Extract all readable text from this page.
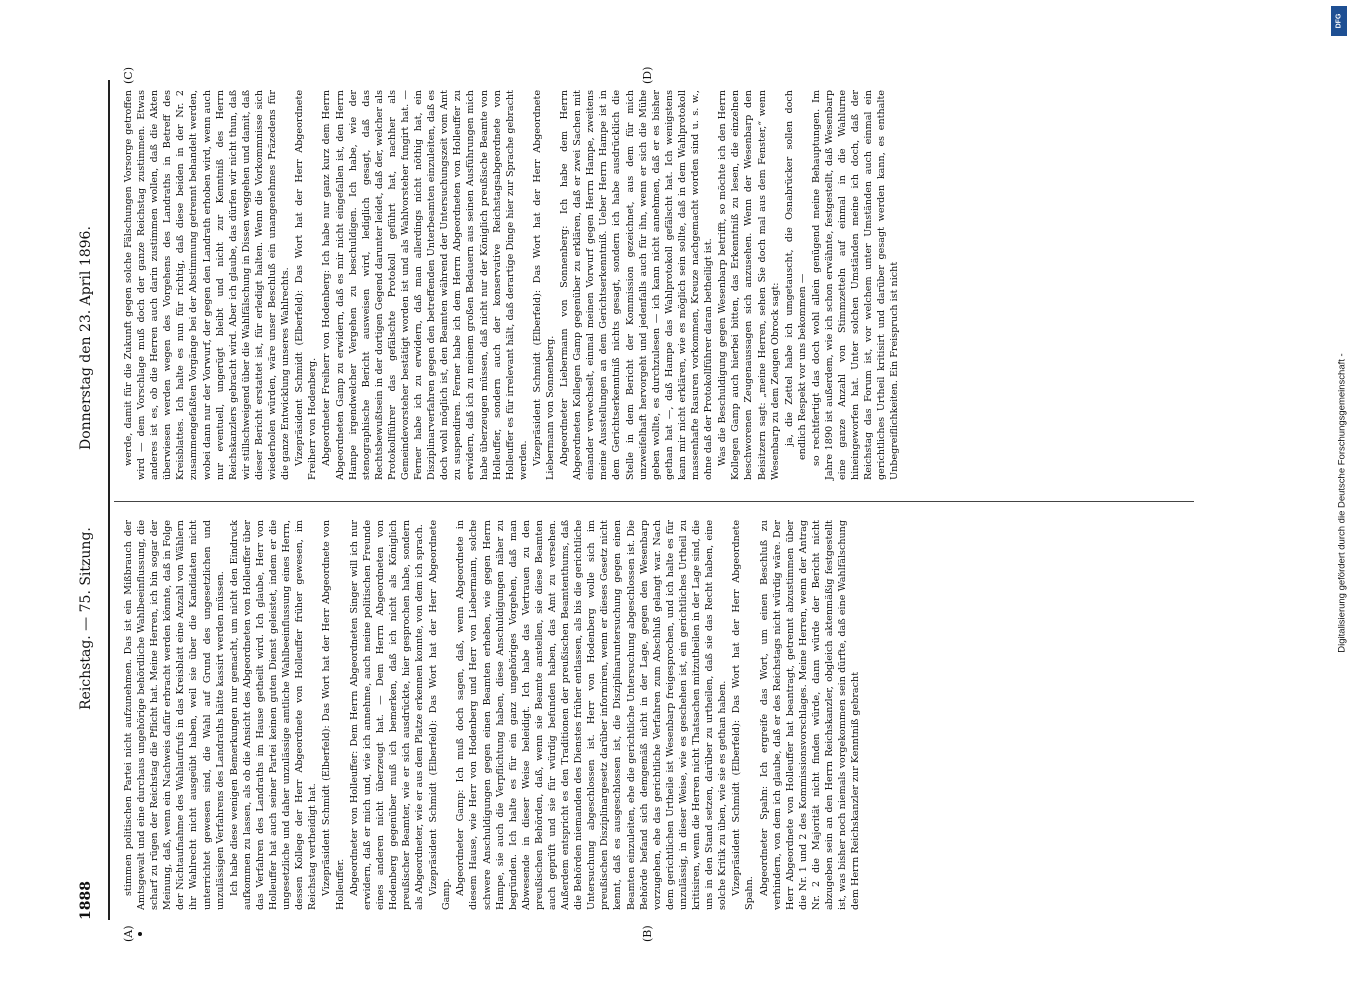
1888
Reichstag. — 75. Sitzung.
Donnerstag den 23. April 1896.
(A)	(B)
(C)	(D)

stimmen politischen Partei nicht aufzunehmen. Das ist ein Mißbrauch der Amtsgewalt und eine durchaus ungehörige behördliche Wahlbeeinflussung, die scharf zu rügen der Reichstag die Pflicht hat. Meine Herren, ich bin sogar der Meinung, daß, wenn ein Nachweis dafür erbracht werden könnte, daß in Folge der Nichtaufnahme des Wahlaufrufs in das Kreisblatt eine Anzahl von Wählern ihr Wahlrecht nicht ausgeübt haben, weil sie über die Kandidaten nicht unterrichtet gewesen sind, die Wahl auf Grund des ungesetzlichen und unzulässigen Verfahrens des Landraths hätte kassirt werden müssen. Ich habe diese wenigen Bemerkungen nur gemacht, um nicht den Eindruck aufkommen zu lassen, als ob die Ansicht des Abgeordneten von Holleuffer über das Verfahren des Landraths im Hause getheilt wird. Ich glaube, Herr von Holleuffer hat auch seiner Partei keinen guten Dienst geleistet, indem er die ungesetzliche und daher unzulässige amtliche Wahlbeeinflussung eines Herrn, dessen Kollege der Herr Abgeordnete von Holleuffer früher gewesen, im Reichstag vertheidigt hat. Vizepräsident Schmidt (Elberfeld): Das Wort hat der Herr Abgeordnete von Holleuffer. Abgeordneter von Holleuffer: Dem Herrn Abgeordneten Singer will ich nur erwidern, daß er mich und, wie ich annehme, auch meine politischen Freunde eines anderen nicht überzeugt hat. — Dem Herrn Abgeordneten von Hodenberg gegenüber muß ich bemerken, daß ich nicht als Königlich preußischer Beamter, wie er sich ausdrückte, hier gesprochen habe, sondern als Abgeordneter, wie er aus dem Platze erkennen konnte, von dem ich sprach. Vizepräsident Schmidt (Elberfeld): Das Wort hat der Herr Abgeordnete Gamp. Abgeordneter Gamp: Ich muß doch sagen, daß, wenn Abgeordnete in diesem Hause, wie Herr von Hodenberg und Herr von Liebermann, solche schwere Anschuldigungen gegen einen Beamten erheben, wie gegen Herrn Hampe, sie auch die Verpflichtung haben, diese Anschuldigungen näher zu begründen. Ich halte es für ein ganz ungehöriges Vorgehen, daß man Abwesende in dieser Weise beleidigt. Ich habe das Vertrauen zu den preußischen Behörden, daß, wenn sie Beamte anstellen, sie diese Beamten auch geprüft und sie für würdig befunden haben, das Amt zu versehen. Außerdem entspricht es den Traditionen der preußischen Beamtenthums, daß die Behörden niemanden des Dienstes früher entlassen, als bis die gerichtliche Untersuchung abgeschlossen ist. Herr von Hodenberg wolle sich im preußischen Disziplinargesetz darüber informiren, wenn er dieses Gesetz nicht kennt, daß es ausgeschlossen ist, die Disziplinaruntersuchung gegen einen Beamten einzuleiten, ehe die gerichtliche Untersuchung abgeschlossen ist. Die Behörde befand sich demgemäß nicht in der Lage, gegen den Wesenbarp vorzugehen, ehe das gerichtliche Verfahren zum Abschluß gelangt war. Nach dem gerichtlichen Urtheile ist Wesenbarp freigesprochen, und ich halte es für unzulässig, in dieser Weise, wie es geschehen ist, ein gerichtliches Urtheil zu kritisiren, wenn die Herren nicht Thatsachen mitzutheilen in der Lage sind, die uns in den Stand setzen, darüber zu urtheilen, daß sie das Recht haben, eine solche Kritik zu üben, wie sie es gethan haben. Vizepräsident Schmidt (Elberfeld): Das Wort hat der Herr Abgeordnete Spahn. Abgeordneter Spahn: Ich ergreife das Wort, um einen Beschluß zu verhindern, von dem ich glaube, daß er des Reichstags nicht würdig wäre. Der Herr Abgeordnete von Holleuffer hat beantragt, getrennt abzustimmen über die Nr. 1 und 2 des Kommissionsvorschlages. Meine Herren, wenn der Antrag Nr. 2 die Majorität nicht finden würde, dann würde der Bericht nicht abzugeben sein an den Herrn Reichskanzler, obgleich aktenmäßig festgestellt ist, was bisher noch niemals vorgekommen sein dürfte, daß eine Wahlfälschung dem Herrn Reichskanzler zur Kenntniß gebracht

werde, damit für die Zukunft gegen solche Fälschungen Vorsorge getroffen wird — dem Vorschlage muß doch der ganze Reichstag zustimmen. Etwas anderes ist es, ob die Herren auch darin zustimmen wollen, daß die Akten überwiesen werden wegen des Vorgehens des Landraths in Betreff des Kreisblattes. Ich halte es nun für richtig, daß diese beiden in der Nr. 2 zusammengefaßten Vorgänge bei der Abstimmung getrennt behandelt werden, wobei dann nur der Vorwurf, der gegen den Landrath erhoben wird, wenn auch nur eventuell, ungerügt bleibt und nicht zur Kenntniß des Herrn Reichskanzlers gebracht wird. Aber ich glaube, das dürfen wir nicht thun, daß wir stillschweigend über die Wahlfälschung in Dissen weggehen und damit, daß dieser Bericht erstattet ist, für erledigt halten. Wenn die Vorkommnisse sich wiederholen würden, wäre unser Beschluß ein unangenehmes Präzedens für die ganze Entwicklung unseres Wahlrechts. Vizepräsident Schmidt (Elberfeld): Das Wort hat der Herr Abgeordnete Freiherr von Hodenberg. Abgeordneter Freiherr von Hodenberg: Ich habe nur ganz kurz dem Herrn Abgeordneten Gamp zu erwidern, daß es mir nicht eingefallen ist, den Herrn Hampe irgendwelcher Vergehen zu beschuldigen. Ich habe, wie der stenographische Bericht ausweisen wird, lediglich gesagt, daß das Rechtsbewußtsein in der dortigen Gegend darunter leidet, daß der, welcher als Protokollführer das gefälschte Protokoll geführt hat, nachher als Gemeindevorsteher bestätigt worden ist und als Wahlvorsteher fungirt hat. — Ferner habe ich zu erwidern, daß man allerdings nicht nöthig hat, ein Disziplinarverfahren gegen den betreffenden Unterbeamten einzuleiten, daß es doch wohl möglich ist, den Beamten während der Untersuchungszeit vom Amt zu suspendiren. Ferner habe ich dem Herrn Abgeordneten von Holleuffer zu erwidern, daß ich zu meinem großen Bedauern aus seinen Ausführungen mich habe überzeugen müssen, daß nicht nur der Königlich preußische Beamte von Holleuffer, sondern auch der konservative Reichstagsabgeordnete von Holleuffer es für irrelevant hält, daß derartige Dinge hier zur Sprache gebracht werden. Vizepräsident Schmidt (Elberfeld): Das Wort hat der Herr Abgeordnete Liebermann von Sonnenberg. Abgeordneter Liebermann von Sonnenberg: Ich habe dem Herrn Abgeordneten Kollegen Gamp gegenüber zu erklären, daß er zwei Sachen mit einander verwechselt, einmal meinen Vorwurf gegen Herrn Hampe, zweitens meine Ausstellungen an dem Gerichtserkenntniß. Ueber Herrn Hampe ist in dem Gerichtserkenntniß nichts gesagt, sondern ich habe ausdrücklich die Stelle in dem Bericht der Kommission gezeichnet, aus dem für mich unzweifelhaft hervorgeht und jedenfalls auch für ihn, wenn er sich die Mühe geben wollte, es durchzulesen — ich kann nicht annehmen, daß er es bisher gethan hat —, daß Hampe das Wahlprotokoll gefälscht hat. Ich wenigstens kann mir nicht erklären, wie es möglich sein sollte, daß in dem Wahlprotokoll massenhafte Rasuren vorkommen, Kreuze nachgemacht worden sind u. s. w., ohne daß der Protokollführer daran betheiligt ist. Was die Beschuldigung gegen Wesenbarp betrifft, so möchte ich den Herrn Kollegen Gamp auch hierbei bitten, das Erkenntniß zu lesen, die einzelnen beschworenen Zeugenaussagen sich anzusehen. Wenn der Wesenbarp den Beisitzern sagt: „meine Herren, sehen Sie doch mal aus dem Fenster,“ wenn Wesenbarp zu dem Zeugen Obrock sagt: ja, die Zettel habe ich umgetauscht, die Osnabrücker sollen doch endlich Respekt vor uns bekommen — so rechtfertigt das doch wohl allein genügend meine Behauptungen. Im Jahre 1890 ist außerdem, wie ich schon erwähnte, festgestellt, daß Wesenbarp eine ganze Anzahl von Stimmzetteln auf einmal in die Wahlurne hineingeworfen hat. Unter solchen Umständen meine ich doch, daß der Reichstag das Forum ist, vor welchem unter Umständen auch einmal ein gerichtliches Urtheil kritisirt und darüber gesagt werden kann, es enthalte Unbegreiflichkeiten. Ein Freispruch ist nicht	Digitalisierung gefördert durch die Deutsche Forschungsgemeinschaft -
DFG
